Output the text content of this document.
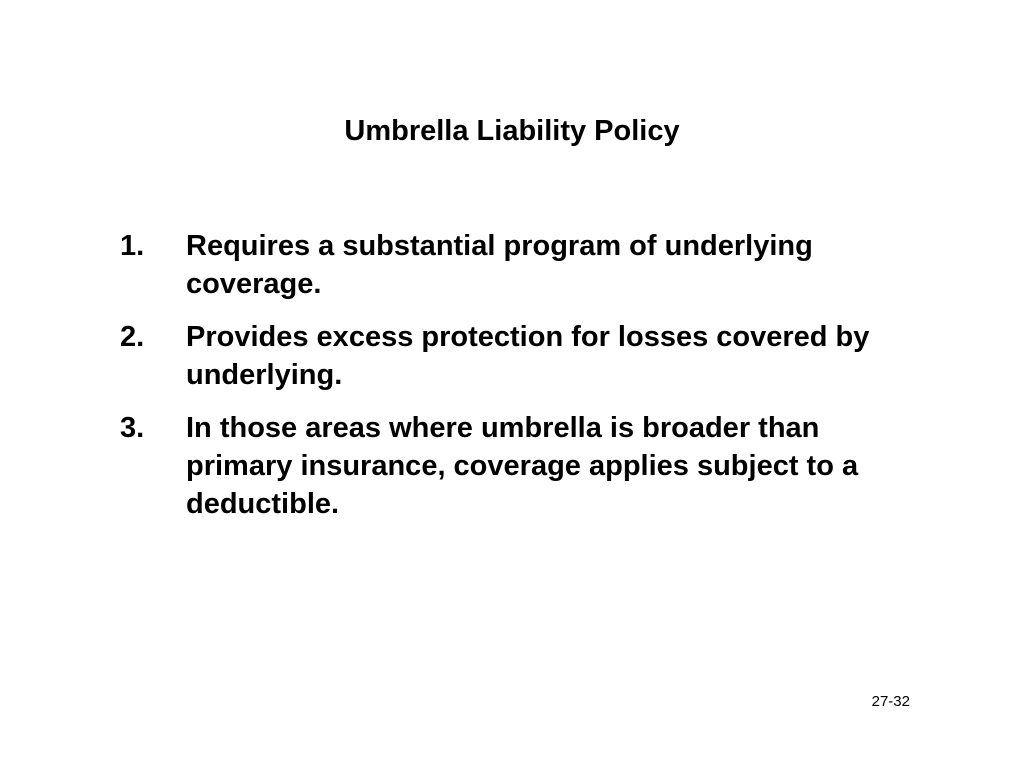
Umbrella Liability Policy
1.	Requires a substantial program of underlying coverage.
2.	Provides excess protection for losses covered by underlying.
3.	In those areas where umbrella is broader than primary insurance, coverage applies subject to a deductible.
27-32
